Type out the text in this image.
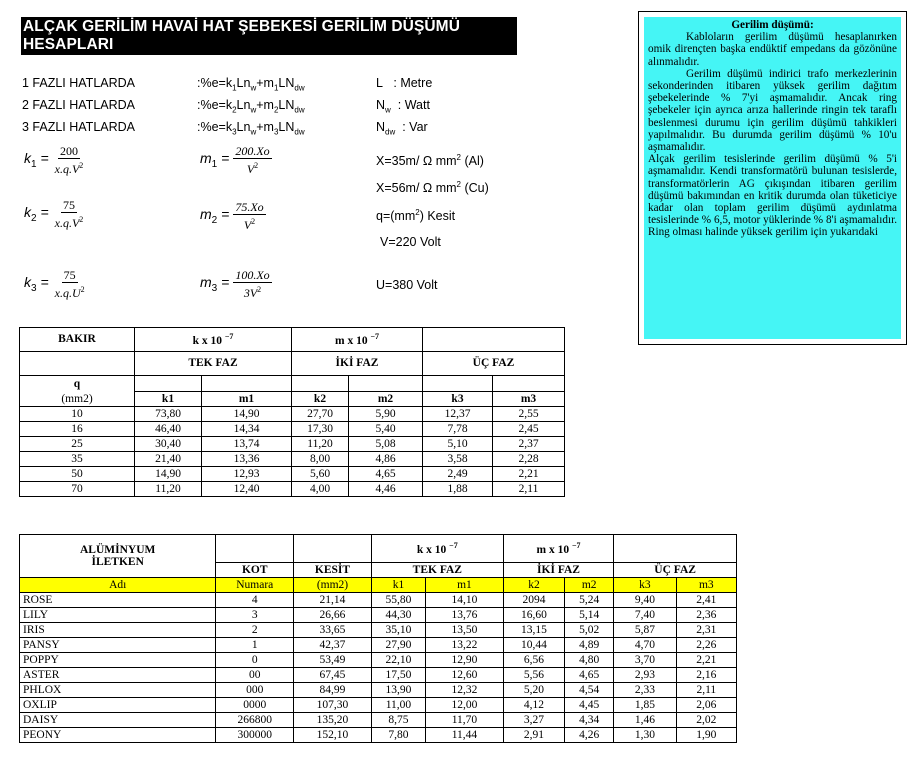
ALÇAK GERİLİM HAVAİ HAT ŞEBEKESİ GERİLİM DÜŞÜMÜ HESAPLARI
1 FAZLI HATLARDA
2 FAZLI HATLARDA
3 FAZLI HATLARDA
$:\%e=k_1Ln_w+m_1LN_{dw}$
$:\%e=k_2Ln_w+m_2LN_{dw}$
$:\%e=k_3Ln_w+m_3LN_{dw}$
L : Metre
$N_w$ : Watt
$N_{dw}$ : Var
$k_1 = \frac{200}{x.q.V^2}$
$k_2 = \frac{75}{x.q.V^2}$
$k_3 = \frac{75}{x.q.U^2}$
$m_1 = \frac{200.Xo}{V^2}$
$m_2 = \frac{75.Xo}{V^2}$
$m_3 = \frac{100.Xo}{3V^2}$
X=35m/ Ω $mm^2$ (Al)
X=56m/ Ω $mm^2$ (Cu)
$q=(mm^2)$ Kesit
V=220 Volt
U=380 Volt
Gerilim düşümü:

Kabloların gerilim düşümü hesaplanırken omik dirençten başka endüktif empedans da gözönüne alınmalıdır.

Gerilim düşümü indirici trafo merkezlerinin sekonderinden itibaren yüksek gerilim dağıtım şebekelerinde % 7'yi aşmamalıdır. Ancak ring şebekeler için ayrıca arıza hallerinde ringin tek taraflı beslenmesi durumu için gerilim düşümü tahkikleri yapılmalıdır. Bu durumda gerilim düşümü % 10'u aşmamalıdır.

Alçak gerilim tesislerinde gerilim düşümü % 5'i aşmamalıdır. Kendi transformatörü bulunan tesislerde, transformatörlerin AG çıkışından itibaren gerilim düşümü bakımından en kritik durumda olan tüketiciye kadar olan toplam gerilim düşümü aydınlatma tesislerinde % 6,5, motor yüklerinde % 8'i aşmamalıdır. Ring olması halinde yüksek gerilim için yukarıdaki

BAKIR	k x 10 $^{-7}$		m x 10 $^{-7}$	
	TEK FAZ		İKİ FAZ		ÜÇ FAZ	
q						
(mm2)	k1	m1	k2	m2	k3	m3
10	73,80	14,90	27,70	5,90	12,37	2,55
16	46,40	14,34	17,30	5,40	7,78	2,45
25	30,40	13,74	11,20	5,08	5,10	2,37
35	21,40	13,36	8,00	4,86	3,58	2,28
50	14,90	12,93	5,60	4,65	2,49	2,21
70	11,20	12,40	4,00	4,46	1,88	2,11
ALÜMİNYUM
İLETKEN			k x 10 $^{-7}$		m x 10 $^{-7}$	
	KOT	KESİT	TEK FAZ		İKİ FAZ		ÜÇ FAZ	
Adı	Numara	(mm2)	k1	m1	k2	m2	k3	m3
ROSE	4	21,14	55,80	14,10	2094	5,24	9,40	2,41
LILY	3	26,66	44,30	13,76	16,60	5,14	7,40	2,36
IRIS	2	33,65	35,10	13,50	13,15	5,02	5,87	2,31
PANSY	1	42,37	27,90	13,22	10,44	4,89	4,70	2,26
POPPY	0	53,49	22,10	12,90	6,56	4,80	3,70	2,21
ASTER	00	67,45	17,50	12,60	5,56	4,65	2,93	2,16
PHLOX	000	84,99	13,90	12,32	5,20	4,54	2,33	2,11
OXLIP	0000	107,30	11,00	12,00	4,12	4,45	1,85	2,06
DAISY	266800	135,20	8,75	11,70	3,27	4,34	1,46	2,02
PEONY	300000	152,10	7,80	11,44	2,91	4,26	1,30	1,90
